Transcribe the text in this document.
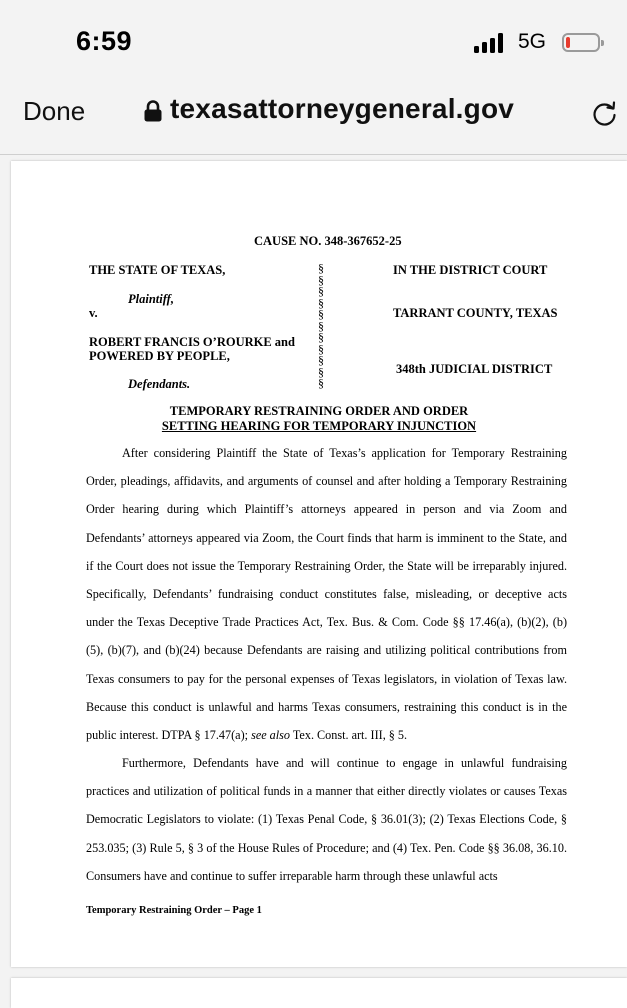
6:59	5G
Done	texasattorneygeneral.gov
CAUSE NO. 348-367652-25
THE STATE OF TEXAS,
Plaintiff,
v.
ROBERT FRANCIS O’ROURKE and
POWERED BY PEOPLE,
Defendants.
§
§
§
§
§
§
§
§
§
§
§
IN THE DISTRICT COURT
TARRANT COUNTY, TEXAS
348th JUDICIAL DISTRICT
TEMPORARY RESTRAINING ORDER AND ORDER
SETTING HEARING FOR TEMPORARY INJUNCTION

After considering Plaintiff the State of Texas’s application for Temporary Restraining Order, pleadings, affidavits, and arguments of counsel and after holding a Temporary Restraining Order hearing during which Plaintiff’s attorneys appeared in person and via Zoom and Defendants’ attorneys appeared via Zoom, the Court finds that harm is imminent to the State, and if the Court does not issue the Temporary Restraining Order, the State will be irreparably injured. Specifically, Defendants’ fundraising conduct constitutes false, misleading, or deceptive acts under the Texas Deceptive Trade Practices Act, Tex. Bus. & Com. Code §§ 17.46(a), (b)(2), (b)(5), (b)(7), and (b)(24) because Defendants are raising and utilizing political contributions from Texas consumers to pay for the personal expenses of Texas legislators, in violation of Texas law. Because this conduct is unlawful and harms Texas consumers, restraining this conduct is in the public interest. DTPA § 17.47(a); see also Tex. Const. art. III, § 5.

Furthermore, Defendants have and will continue to engage in unlawful fundraising practices and utilization of political funds in a manner that either directly violates or causes Texas Democratic Legislators to violate: (1) Texas Penal Code, § 36.01(3); (2) Texas Elections Code, § 253.035; (3) Rule 5, § 3 of the House Rules of Procedure; and (4) Tex. Pen. Code §§ 36.08, 36.10. Consumers have and continue to suffer irreparable harm through these unlawful acts

Temporary Restraining Order – Page 1
